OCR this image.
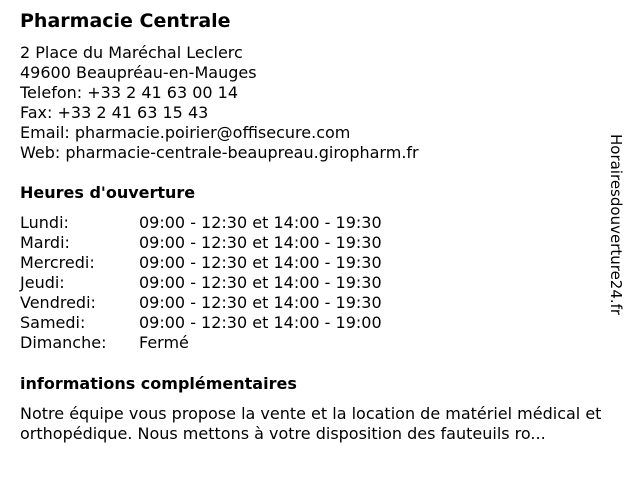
Pharmacie Centrale
2 Place du Maréchal Leclerc
49600 Beaupréau-en-Mauges
Telefon: +33 2 41 63 00 14
Fax: +33 2 41 63 15 43
Email: pharmacie.poirier@offisecure.com
Web: pharmacie-centrale-beaupreau.giropharm.fr
Heures d'ouverture
Lundi:	09:00 - 12:30 et 14:00 - 19:30
Mardi:	09:00 - 12:30 et 14:00 - 19:30
Mercredi:	09:00 - 12:30 et 14:00 - 19:30
Jeudi:	09:00 - 12:30 et 14:00 - 19:30
Vendredi:	09:00 - 12:30 et 14:00 - 19:30
Samedi:	09:00 - 12:30 et 14:00 - 19:00
Dimanche:	Fermé
informations complémentaires

Notre équipe vous propose la vente et la location de matériel médical et orthopédique. Nous mettons à votre disposition des fauteuils ro...

Horairesdouverture24.fr
